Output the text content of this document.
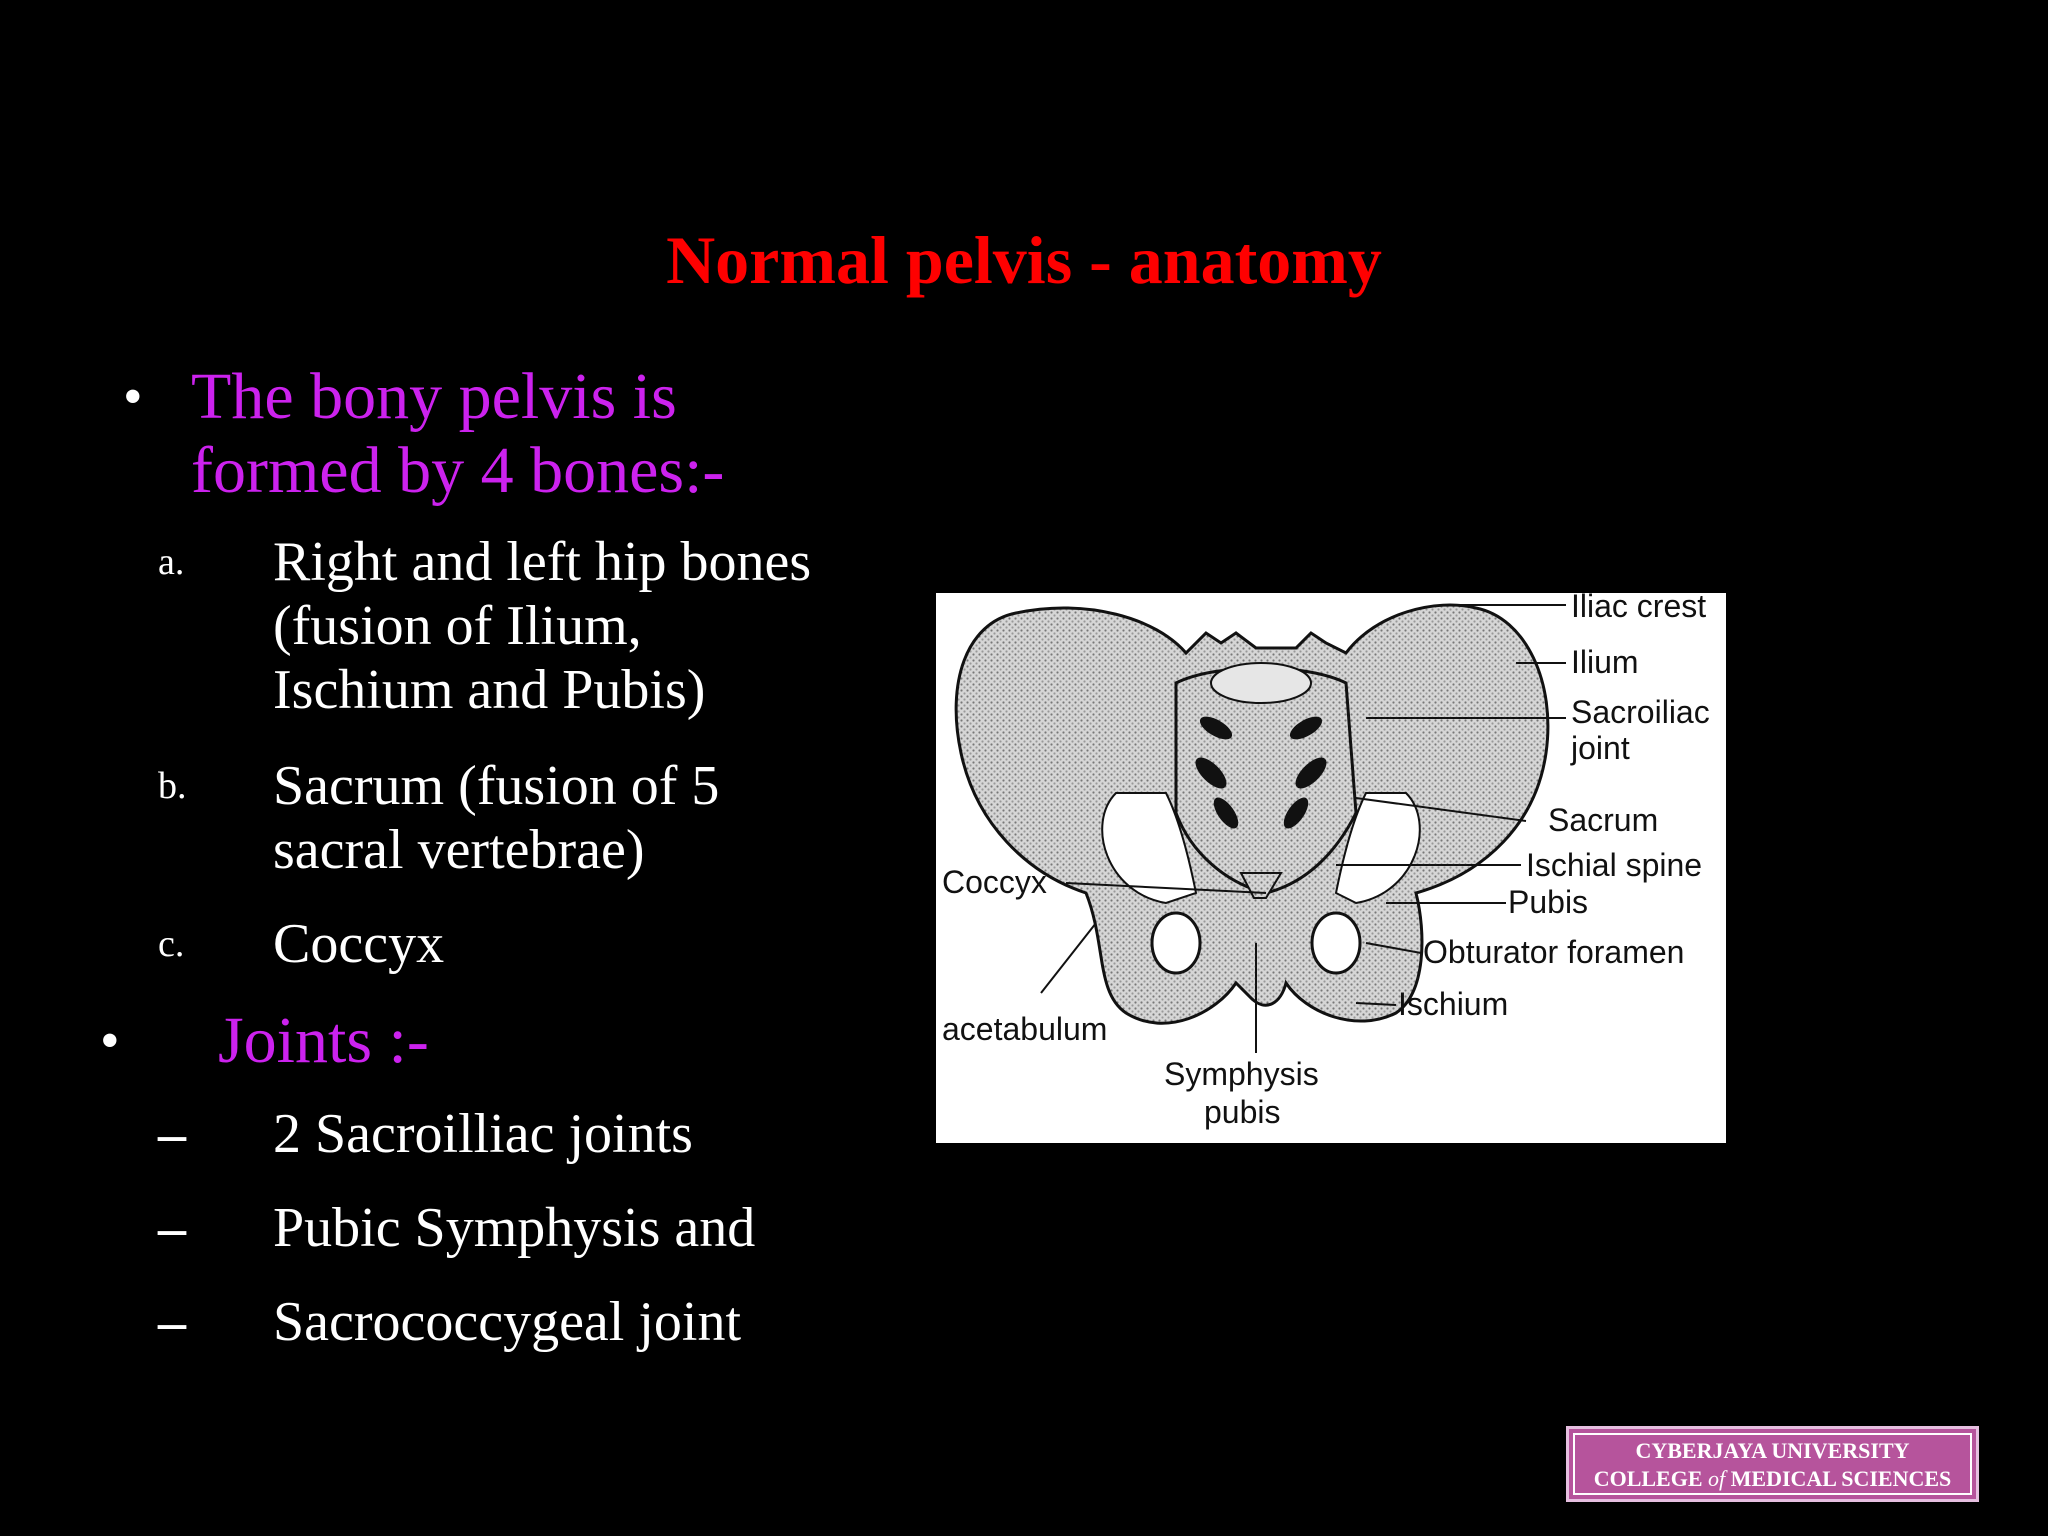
Normal pelvis - anatomy
• The bony pelvis is
formed by 4 bones:-
a.	Right and left hip bones
(fusion of Ilium,
Ischium and Pubis)
b.	Sacrum (fusion of 5
sacral vertebrae)
c.	Coccyx
•	Joints :-
–	2 Sacroilliac joints
–	Pubic Symphysis and
–	Sacrococcygeal joint
Iliac crest
Ilium
Sacroiliac
joint
Sacrum
Ischial spine
Pubis
Obturator foramen
Ischium
Coccyx
acetabulum
Symphysis
pubis
CYBERJAYA UNIVERSITY
COLLEGE of MEDICAL SCIENCES
